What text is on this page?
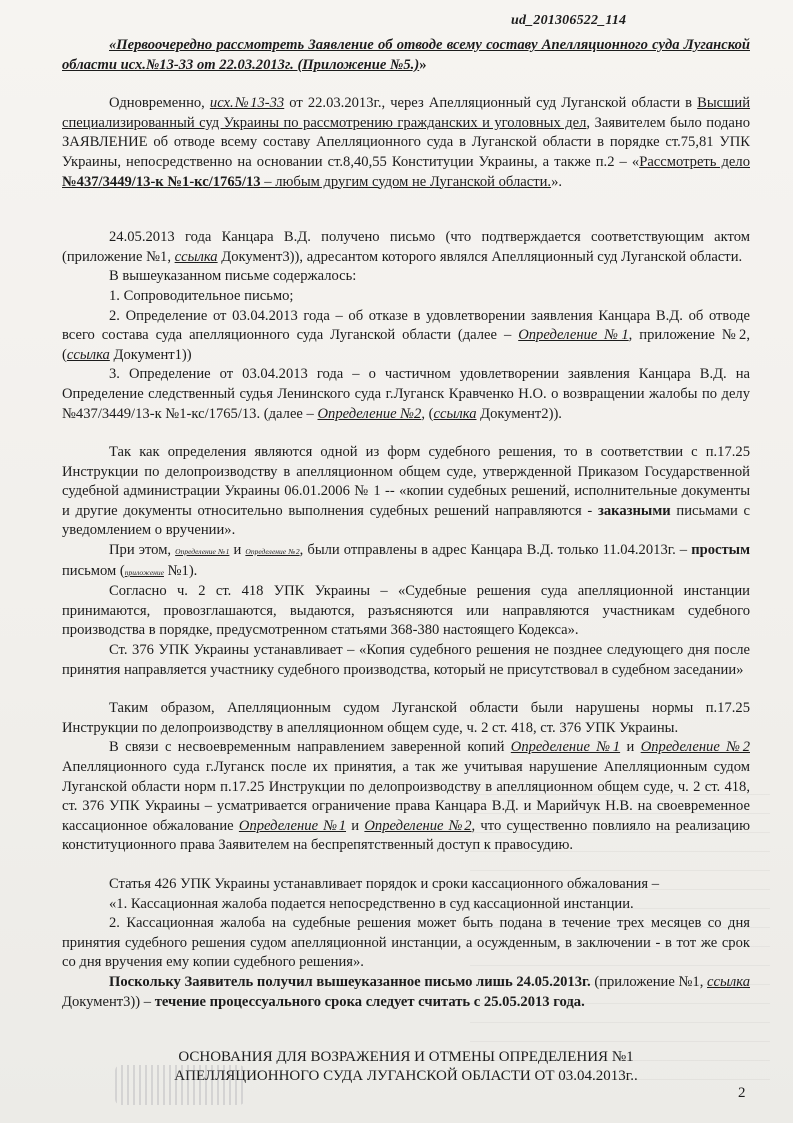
ud_201306522_114

«Первоочередно рассмотреть Заявление об отводе всему составу Апелляционного суда Луганской области исх.№13-33 от 22.03.2013г. (Приложение №5.)»

Одновременно, исх.№13-33 от 22.03.2013г., через Апелляционный суд Луганской области в Высший специализированный суд Украины по рассмотрению гражданских и уголовных дел, Заявителем было подано ЗАЯВЛЕНИЕ об отводе всему составу Апелляционного суда в Луганской области в порядке ст.75,81 УПК Украины, непосредственно на основании ст.8,40,55 Конституции Украины, а также п.2 – «Рассмотреть дело №437/3449/13-к №1-кс/1765/13 – любым другим судом не Луганской области.».

24.05.2013 года Канцара В.Д. получено письмо (что подтверждается соответствующим актом (приложение №1, ссылка Документ3)), адресантом которого являлся Апелляционный суд Луганской области.

В вышеуказанном письме содержалось:

1. Сопроводительное письмо;

2. Определение от 03.04.2013 года – об отказе в удовлетворении заявления Канцара В.Д. об отводе всего состава суда апелляционного суда Луганской области (далее – Определение №1, приложение №2, (ссылка Документ1))

3. Определение от 03.04.2013 года – о частичном удовлетворении заявления Канцара В.Д. на Определение следственный судья Ленинского суда г.Луганск Кравченко Н.О. о возвращении жалобы по делу №437/3449/13-к №1-кс/1765/13. (далее – Определение №2, (ссылка Документ2)).

Так как определения являются одной из форм судебного решения, то в соответствии с п.17.25 Инструкции по делопроизводству в апелляционном общем суде, утвержденной Приказом Государственной судебной администрации Украины 06.01.2006 № 1 -- «копии судебных решений, исполнительные документы и другие документы относительно выполнения судебных решений направляются - заказными письмами с уведомлением о вручении».

При этом, Определение №1 и Определение №2, были отправлены в адрес Канцара В.Д. только 11.04.2013г. – простым письмом (приложение №1).

Согласно ч. 2 ст. 418 УПК Украины – «Судебные решения суда апелляционной инстанции принимаются, провозглашаются, выдаются, разъясняются или направляются участникам судебного производства в порядке, предусмотренном статьями 368-380 настоящего Кодекса».

Ст. 376 УПК Украины устанавливает – «Копия судебного решения не позднее следующего дня после принятия направляется участнику судебного производства, который не присутствовал в судебном заседании»

Таким образом, Апелляционным судом Луганской области были нарушены нормы п.17.25 Инструкции по делопроизводству в апелляционном общем суде, ч. 2 ст. 418, ст. 376 УПК Украины.

В связи с несвоевременным направлением заверенной копий Определение №1 и Определение №2 Апелляционного суда г.Луганск после их принятия, а так же учитывая нарушение Апелляционным судом Луганской области норм п.17.25 Инструкции по делопроизводству в апелляционном общем суде, ч. 2 ст. 418, ст. 376 УПК Украины – усматривается ограничение права Канцара В.Д. и Марийчук Н.В. на своевременное кассационное обжалование Определение №1 и Определение №2, что существенно повлияло на реализацию конституционного права Заявителем на беспрепятственный доступ к правосудию.

Статья 426 УПК Украины устанавливает порядок и сроки кассационного обжалования –

«1. Кассационная жалоба подается непосредственно в суд кассационной инстанции.

2. Кассационная жалоба на судебные решения может быть подана в течение трех месяцев со дня принятия судебного решения судом апелляционной инстанции, а осужденным, в заключении - в тот же срок со дня вручения ему копии судебного решения».

Поскольку Заявитель получил вышеуказанное письмо лишь 24.05.2013г. (приложение №1, ссылка Документ3)) – течение процессуального срока следует считать с 25.05.2013 года.

ОСНОВАНИЯ ДЛЯ ВОЗРАЖЕНИЯ И ОТМЕНЫ ОПРЕДЕЛЕНИЯ №1

АПЕЛЛЯЦИОННОГО СУДА ЛУГАНСКОЙ ОБЛАСТИ ОТ 03.04.2013г..

2
